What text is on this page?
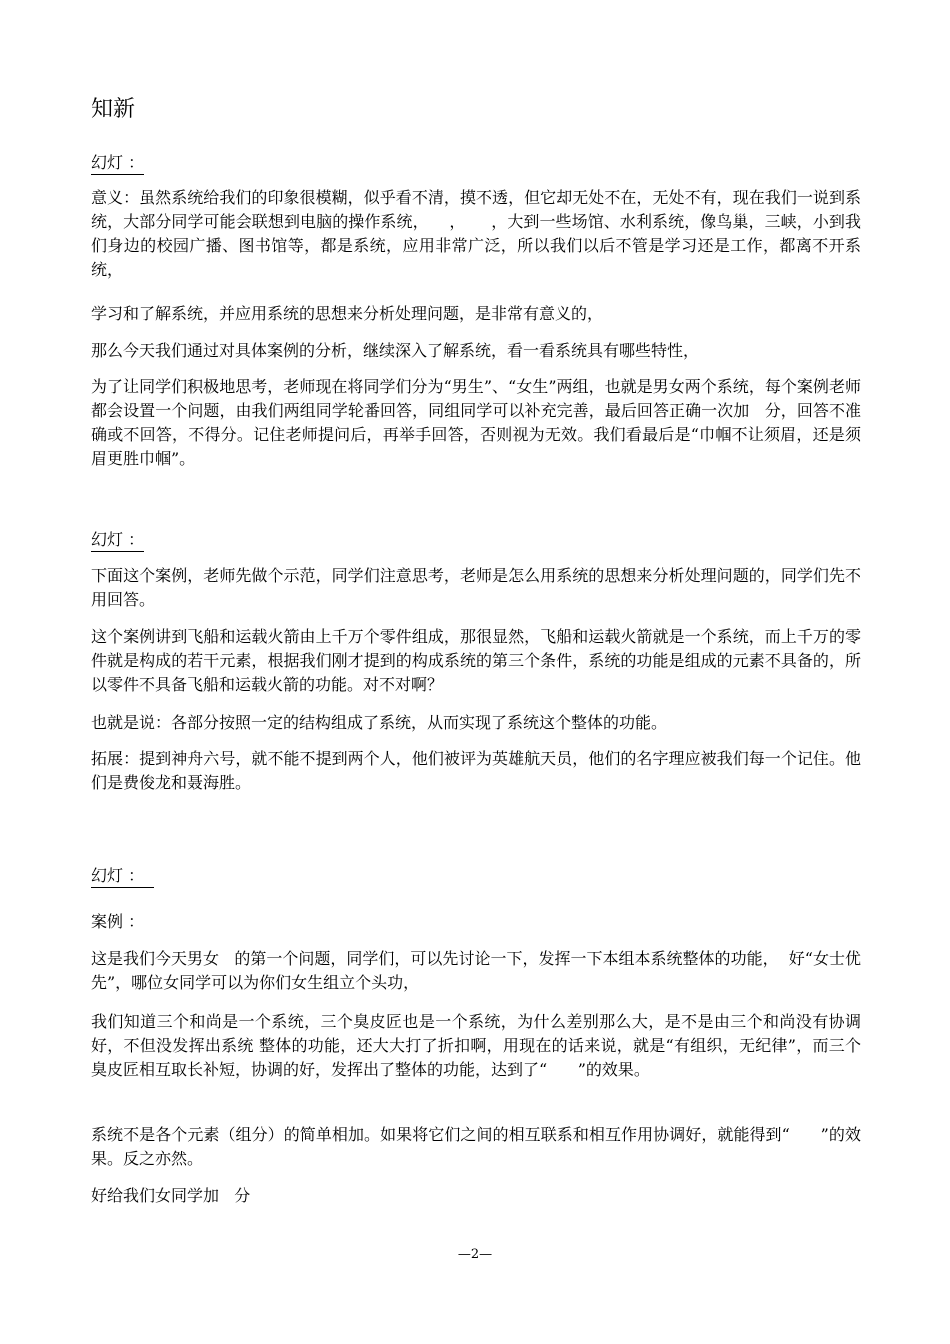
知新
幻灯 ：
意义：虽然系统给我们的印象很模糊，似乎看不清，摸不透，但它却无处不在，无处不有，现在我们一说到系统，大部分同学可能会联想到电脑的操作系统，    ，     ，大到一些场馆、水利系统，像鸟巢，三峡，小到我们身边的校园广播、图书馆等，都是系统，应用非常广泛，所以我们以后不管是学习还是工作，都离不开系统，
学习和了解系统，并应用系统的思想来分析处理问题，是非常有意义的，
那么今天我们通过对具体案例的分析，继续深入了解系统，看一看系统具有哪些特性，
为了让同学们积极地思考，老师现在将同学们分为“男生”、“女生”两组，也就是男女两个系统，每个案例老师都会设置一个问题，由我们两组同学轮番回答，同组同学可以补充完善，最后回答正确一次加   分，回答不准确或不回答，不得分。记住老师提问后，再举手回答，否则视为无效。我们看最后是“巾帼不让须眉，还是须眉更胜巾帼”。
幻灯 ：
下面这个案例，老师先做个示范，同学们注意思考，老师是怎么用系统的思想来分析处理问题的，同学们先不用回答。
这个案例讲到飞船和运载火箭由上千万个零件组成，那很显然，飞船和运载火箭就是一个系统，而上千万的零件就是构成的若干元素，根据我们刚才提到的构成系统的第三个条件，系统的功能是组成的元素不具备的，所以零件不具备飞船和运载火箭的功能。对不对啊？
也就是说：各部分按照一定的结构组成了系统，从而实现了系统这个整体的功能。
拓展：提到神舟六号，就不能不提到两个人，他们被评为英雄航天员，他们的名字理应被我们每一个记住。他们是费俊龙和聂海胜。
幻灯 ：
案例 ：
这是我们今天男女   的第一个问题，同学们，可以先讨论一下，发挥一下本组本系统整体的功能，  好“女士优先”，哪位女同学可以为你们女生组立个头功，
我们知道三个和尚是一个系统，三个臭皮匠也是一个系统，为什么差别那么大，是不是由三个和尚没有协调好，不但没发挥出系统 整体的功能，还大大打了折扣啊，用现在的话来说，就是“有组织，无纪律”，而三个臭皮匠相互取长补短，协调的好，发挥出了整体的功能，达到了“      ”的效果。
系统不是各个元素（组分）的简单相加。如果将它们之间的相互联系和相互作用协调好，就能得到“      ”的效果。反之亦然。
好给我们女同学加   分
—2—
